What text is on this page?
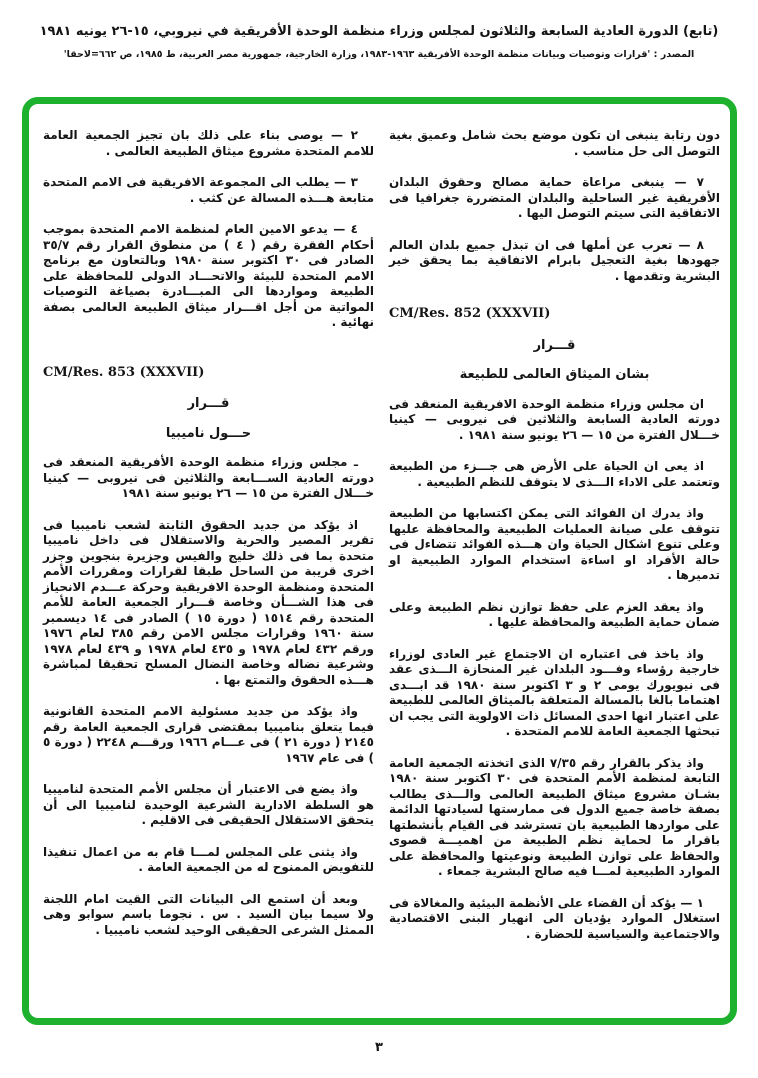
(تابع) الدورة العادية السابعة والثلاثون لمجلس وزراء منظمة الوحدة الأفريقية في نيروبي، ١٥-٢٦ يونيه ١٩٨١
المصدر : 'قرارات وتوصيات وبيانات منظمة الوحدة الأفريقية ١٩٦٣-١٩٨٣، وزارة الخارجية، جمهورية مصر العربية، ط ١٩٨٥، ص ٦٦٢=لاحقا'

دون رتابة ينبغى ان تكون موضع بحث شامل وعميق بغية التوصل الى حل مناسب .

٧ — ينبغى مراعاة حماية مصالح وحقوق البلدان الأفريقية غير الساحلية والبلدان المتضررة جغرافيا فى الاتفاقية التى سيتم التوصل اليها .

٨ — تعرب عن أملها فى ان تبذل جميع بلدان العالم جهودها بغية التعجيل بابرام الاتفاقية بما يحقق خير البشرية وتقدمها .

CM/Res. 852 (XXXVII)

قـــرار

بشان الميثاق العالمى للطبيعة

ان مجلس وزراء منظمة الوحدة الافريقية المنعقد فى دورته العادية السابعة والثلاثين فى نيروبى — كينيا خـــلال الفترة من ١٥ — ٢٦ يونيو سنة ١٩٨١ .

اذ يعى ان الحياة على الأرض هى جـــزء من الطبيعة وتعتمد على الاداء الـــذى لا يتوقف للنظم الطبيعية .

واذ يدرك ان الفوائد التى يمكن اكتسابها من الطبيعة تتوقف على صيانة العمليات الطبيعية والمحافظة عليها وعلى تنوع اشكال الحياة وان هـــذه الفوائد تتضاءل فى حالة الأفراد او اساءة استخدام الموارد الطبيعية او تدميرها .

واذ يعقد العزم على حفظ توازن نظم الطبيعة وعلى ضمان حماية الطبيعة والمحافظة عليها .

واذ ياخذ فى اعتباره ان الاجتماع غير العادى لوزراء خارجية رؤساء وفـــود البلدان غير المنحازة الـــذى عقد فى نيويورك يومى ٢ و ٣ اكتوبر سنة ١٩٨٠ قد ابـــدى اهتماما بالغا بالمسالة المتعلقة بالميثاق العالمى للطبيعة على اعتبار انها احدى المسائل ذات الاولوية التى يجب ان تبحثها الجمعية العامة للامم المتحدة .

واذ يذكر بالقرار رقم ٧/٣٥ الذى اتخذته الجمعية العامة التابعة لمنظمة الأمم المتحدة فى ٣٠ اكتوبر سنة ١٩٨٠ بشـان مشروع ميثاق الطبيعة العالمى والـــذى يطالب بصفة خاصة جميع الدول فى ممارستها لسيادتها الدائمة على مواردها الطبيعية بان تسترشد فى القيام بأنشطتها باقرار ما لحماية نظم الطبيعة من اهميـــة قصوى والحفاظ على توازن الطبيعة ونوعيتها والمحافظة على الموارد الطبيعية لمـــا فيه صالح البشرية جمعاء .

١ — يؤكد أن القضاء على الأنظمة البيئية والمغالاة فى استغلال الموارد يؤديان الى انهيار البنى الاقتصادية والاجتماعية والسياسية للحضارة .

٢ — يوصى بناء على ذلك بان تجيز الجمعية العامة للامم المتحدة مشروع ميثاق الطبيعة العالمى .

٣ — يطلب الى المجموعة الافريقية فى الامم المتحدة متابعة هـــذه المسالة عن كثب .

٤ — يدعو الامين العام لمنظمة الامم المتحدة بموجب أحكام الفقرة رقم ( ٤ ) من منطوق القرار رقم ٣٥/٧ الصادر فى ٣٠ اكتوبر سنة ١٩٨٠ وبالتعاون مع برنامج الامم المتحدة للبيئة والاتحـــاد الدولى للمحافظة على الطبيعة ومواردها الى المبـــادرة بصياغة التوصيات المواتية من أجل اقـــرار ميثاق الطبيعة العالمى بصفة نهائية .

CM/Res. 853 (XXXVII)

قـــرار

حـــول ناميبيا

ـ مجلس وزراء منظمة الوحدة الأفريقية المنعقد فى دورته العادية الســـابعة والثلاثين فى نيروبى — كينيا خـــلال الفترة من ١٥ — ٢٦ يونيو سنة ١٩٨١

اذ يؤكد من جديد الحقوق الثابتة لشعب ناميبيا فى تقرير المصير والحرية والاستقلال فى داخل ناميبيا متحدة بما فى ذلك خليج والفيس وجزيرة بنجوين وجزر اخرى قريبة من الساحل طبقا لقرارات ومقررات الأمم المتحدة ومنظمة الوحدة الافريقية وحركة عـــدم الانحياز فى هذا الشـــأن وخاصة قـــرار الجمعية العامة للأمم المتحدة رقم ١٥١٤ ( دورة ١٥ ) الصادر فى ١٤ ديسمبر سنة ١٩٦٠ وقرارات مجلس الامن رقم ٣٨٥ لعام ١٩٧٦ ورقم ٤٣٢ لعام ١٩٧٨ و ٤٣٥ لعام ١٩٧٨ و ٤٣٩ لعام ١٩٧٨ وشرعية نضاله وخاصة النضال المسلح تحقيقا لمباشرة هـــذه الحقوق والتمتع بها .

واذ يؤكد من جديد مسئولية الامم المتحدة القانونية فيما يتعلق بناميبيا بمقتضى قرارى الجمعية العامة رقم ٢١٤٥ ( دورة ٢١ ) فى عـــام ١٩٦٦ ورقـــم ٢٢٤٨ ( دورة ٥ ) فى عام ١٩٦٧

واذ يضع فى الاعتبار أن مجلس الأمم المتحدة لناميبيا هو السلطة الادارية الشرعية الوحيدة لناميبيا الى أن يتحقق الاستقلال الحقيقى فى الاقليم .

واذ يثنى على المجلس لمـــا قام به من اعمال تنفيذا للتفويض الممنوح له من الجمعية العامة .

وبعد أن استمع الى البيانات التى القيت امام اللجنة ولا سيما بيان السيد . س . نجوما باسم سوابو وهى الممثل الشرعى الحقيقى الوحيد لشعب ناميبيا .

٣
